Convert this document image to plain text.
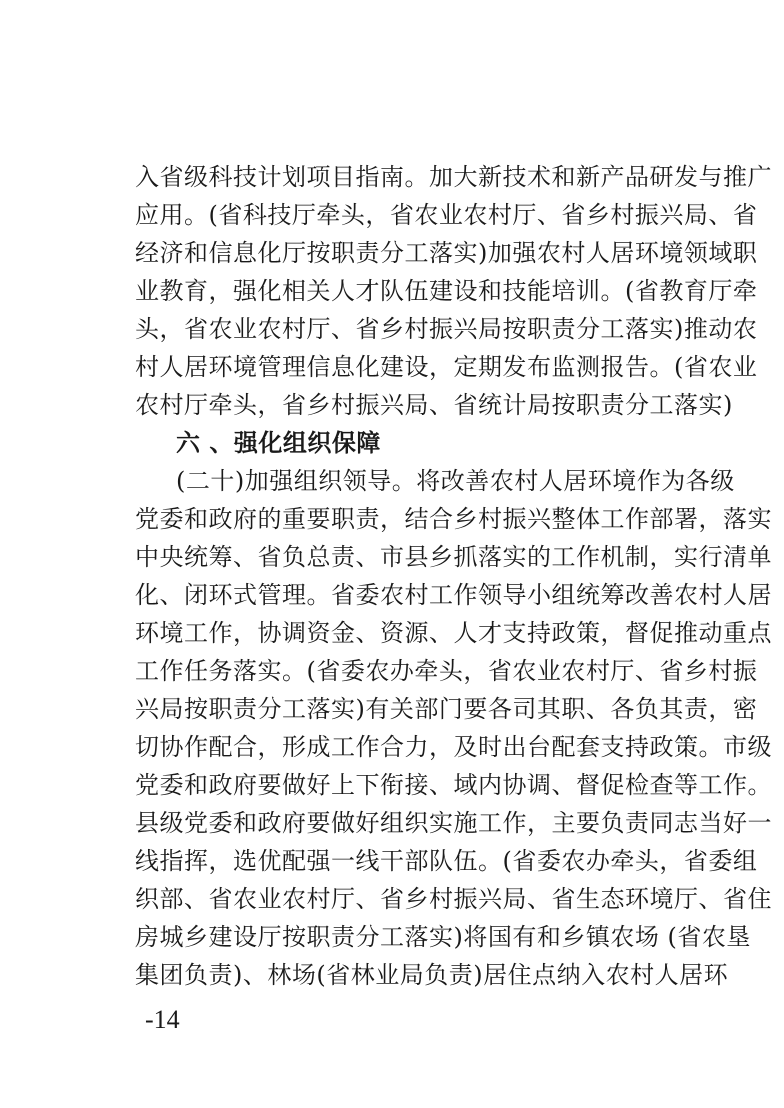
入省级科技计划项目指南。加大新技术和新产品研发与推广
应用。(省科技厅牵头，省农业农村厅、省乡村振兴局、省
经济和信息化厅按职责分工落实)加强农村人居环境领域职
业教育，强化相关人才队伍建设和技能培训。(省教育厅牵
头，省农业农村厅、省乡村振兴局按职责分工落实)推动农
村人居环境管理信息化建设，定期发布监测报告。(省农业
农村厅牵头，省乡村振兴局、省统计局按职责分工落实)
六 、强化组织保障
(二十)加强组织领导。将改善农村人居环境作为各级
党委和政府的重要职责，结合乡村振兴整体工作部署，落实
中央统筹、省负总责、市县乡抓落实的工作机制，实行清单
化、闭环式管理。省委农村工作领导小组统筹改善农村人居
环境工作，协调资金、资源、人才支持政策，督促推动重点
工作任务落实。(省委农办牵头，省农业农村厅、省乡村振
兴局按职责分工落实)有关部门要各司其职、各负其责，密
切协作配合，形成工作合力，及时出台配套支持政策。市级
党委和政府要做好上下衔接、域内协调、督促检查等工作。
县级党委和政府要做好组织实施工作，主要负责同志当好一
线指挥，选优配强一线干部队伍。(省委农办牵头，省委组
织部、省农业农村厅、省乡村振兴局、省生态环境厅、省住
房城乡建设厅按职责分工落实)将国有和乡镇农场 (省农垦
集团负责)、林场(省林业局负责)居住点纳入农村人居环
-14
